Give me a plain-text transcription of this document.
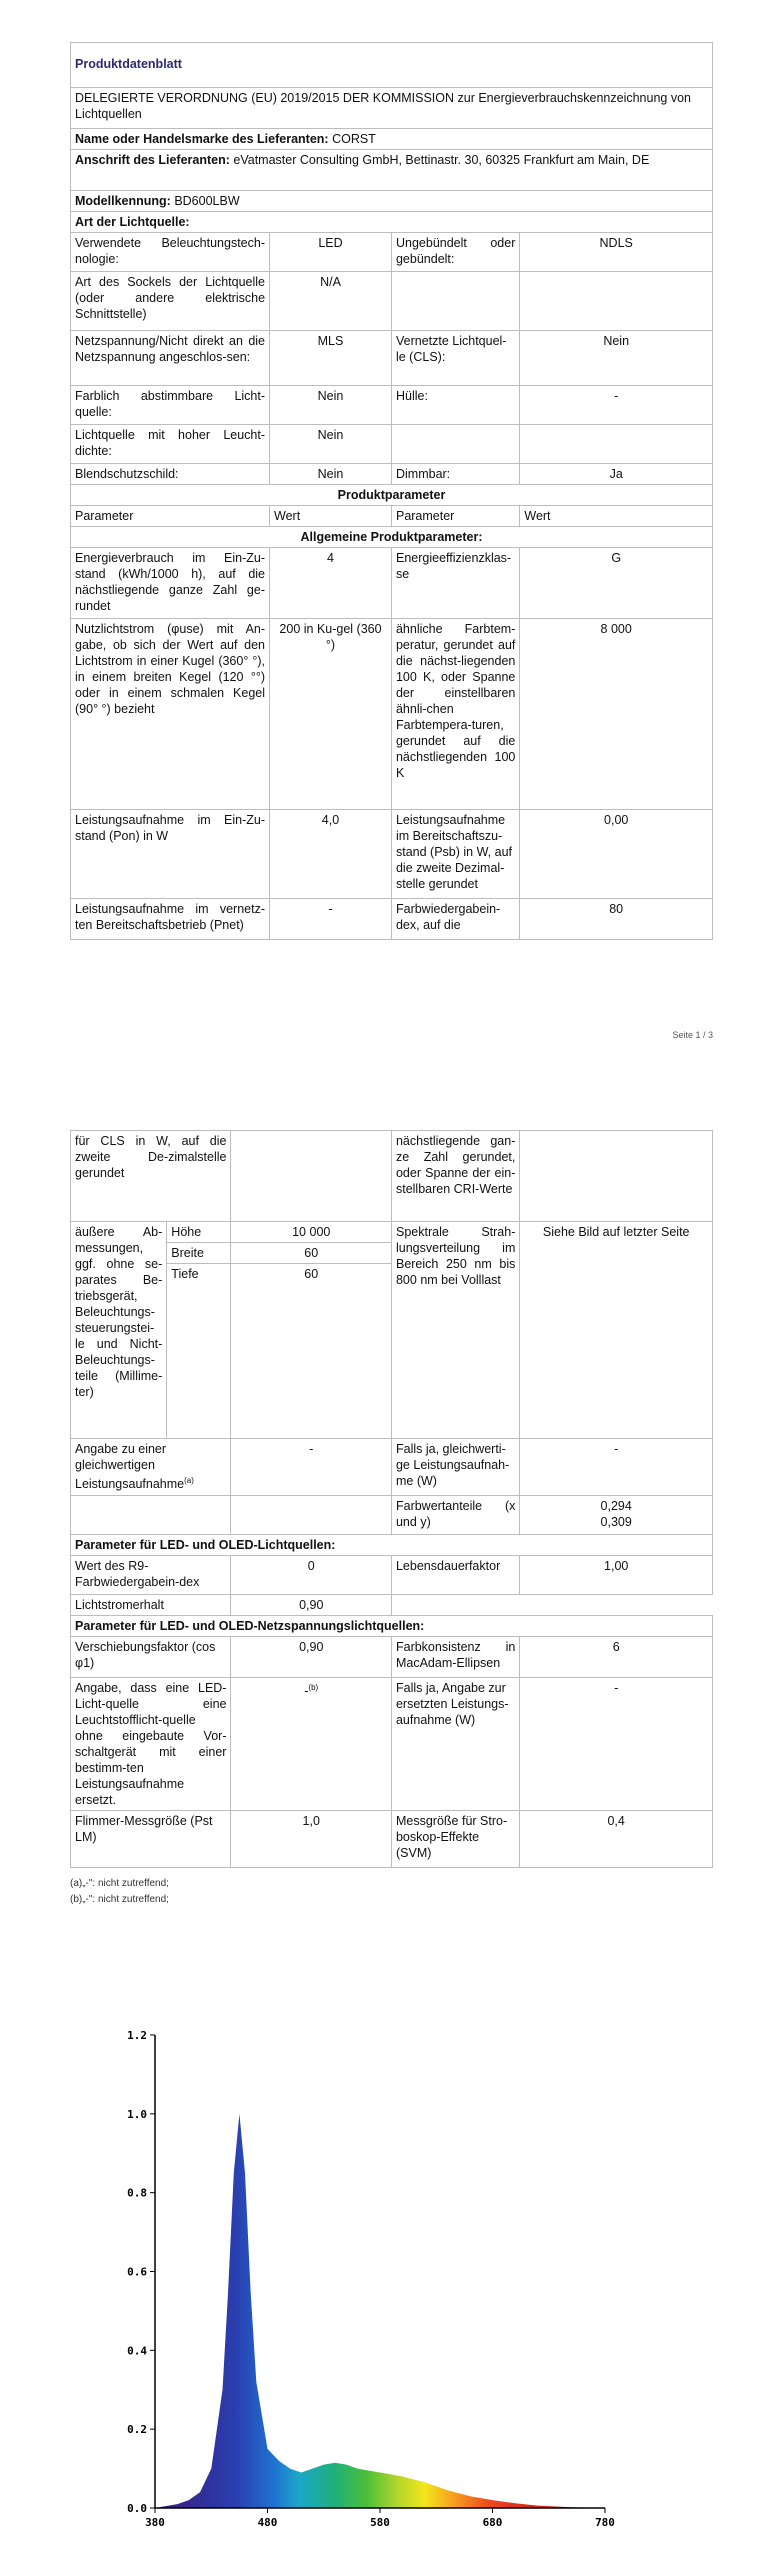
Produktdatenblatt
DELEGIERTE VERORDNUNG (EU) 2019/2015 DER KOMMISSION zur Energieverbrauchskennzeichnung von Lichtquellen
Name oder Handelsmarke des Lieferanten: CORST
Anschrift des Lieferanten: eVatmaster Consulting GmbH, Bettinastr. 30, 60325 Frankfurt am Main, DE
Modellkennung: BD600LBW
Art der Lichtquelle:
Verwendete Beleuchtungstech-nologie:	LED	Ungebündelt oder gebündelt:	NDLS
Art des Sockels der Lichtquelle (oder andere elektrische Schnittstelle)	N/A		
Netzspannung/Nicht direkt an die Netzspannung angeschlos-sen:	MLS	Vernetzte Lichtquel-le (CLS):	Nein
Farblich abstimmbare Licht-quelle:	Nein	Hülle:	-
Lichtquelle mit hoher Leucht-dichte:	Nein		
Blendschutzschild:	Nein	Dimmbar:	Ja
Produktparameter			
Parameter	Wert	Parameter	Wert
Allgemeine Produktparameter:			
Energieverbrauch im Ein-Zu-stand (kWh/1000 h), auf die nächstliegende ganze Zahl ge-rundet	4	Energieeffizienzklas-se	G
Nutzlichtstrom (φuse) mit An-gabe, ob sich der Wert auf den Lichtstrom in einer Kugel (360° °), in einem breiten Kegel (120 °°) oder in einem schmalen Kegel (90° °) bezieht	200 in Ku-gel (360 °)	ähnliche Farbtem-peratur, gerundet auf die nächst-liegenden 100 K, oder Spanne der einstellbaren ähnli-chen Farbtempera-turen, gerundet auf die nächstliegenden 100 K	8 000
Leistungsaufnahme im Ein-Zu-stand (Pon) in W	4,0	Leistungsaufnahme im Bereitschaftszu-stand (Psb) in W, auf die zweite Dezimal-stelle gerundet	0,00
Leistungsaufnahme im vernetz-ten Bereitschaftsbetrieb (Pnet)	-	Farbwiedergabein-dex, auf die	80
Seite 1 / 3
für CLS in W, auf die zweite De-zimalstelle gerundet			nächstliegende gan-ze Zahl gerundet, oder Spanne der ein-stellbaren CRI-Werte	
äußere Ab-messungen, ggf. ohne se-parates Be-triebsgerät, Beleuchtungs-steuerungstei-le und Nicht-Beleuchtungs-teile (Millime-ter)	Höhe	10 000	Spektrale Strah-lungsverteilung im Bereich 250 nm bis 800 nm bei Volllast	Siehe Bild auf letzter Seite
	Breite	60		
	Tiefe	60		
Angabe zu einer gleichwertigen Leistungsaufnahme$^{(a)}$		-	Falls ja, gleichwerti-ge Leistungsaufnah-me (W)	-
			Farbwertanteile (x und y)	0,294
0,309

Parameter für LED- und OLED-Lichtquellen:				
Wert des R9-Farbwiedergabein-dex		0	Lebensdauerfaktor	1,00
Lichtstromerhalt		0,90		
Parameter für LED- und OLED-Netzspannungslichtquellen:				
Verschiebungsfaktor (cos φ1)		0,90	Farbkonsistenz in MacAdam-Ellipsen	6
Angabe, dass eine LED-Licht-quelle eine Leuchtstofflicht-quelle ohne eingebaute Vor-schaltgerät mit einer bestimm-ten Leistungsaufnahme ersetzt.		-$^{(b)}$	Falls ja, Angabe zur ersetzten Leistungs-aufnahme (W)	-
Flimmer-Messgröße (Pst LM)		1,0	Messgröße für Stro-boskop-Effekte (SVM)	0,4
(a)„-": nicht zutreffend;
(b)„-": nicht zutreffend;
0.0
0.2
0.4
0.6
0.8
1.0
1.2
380	480	580	680	780
